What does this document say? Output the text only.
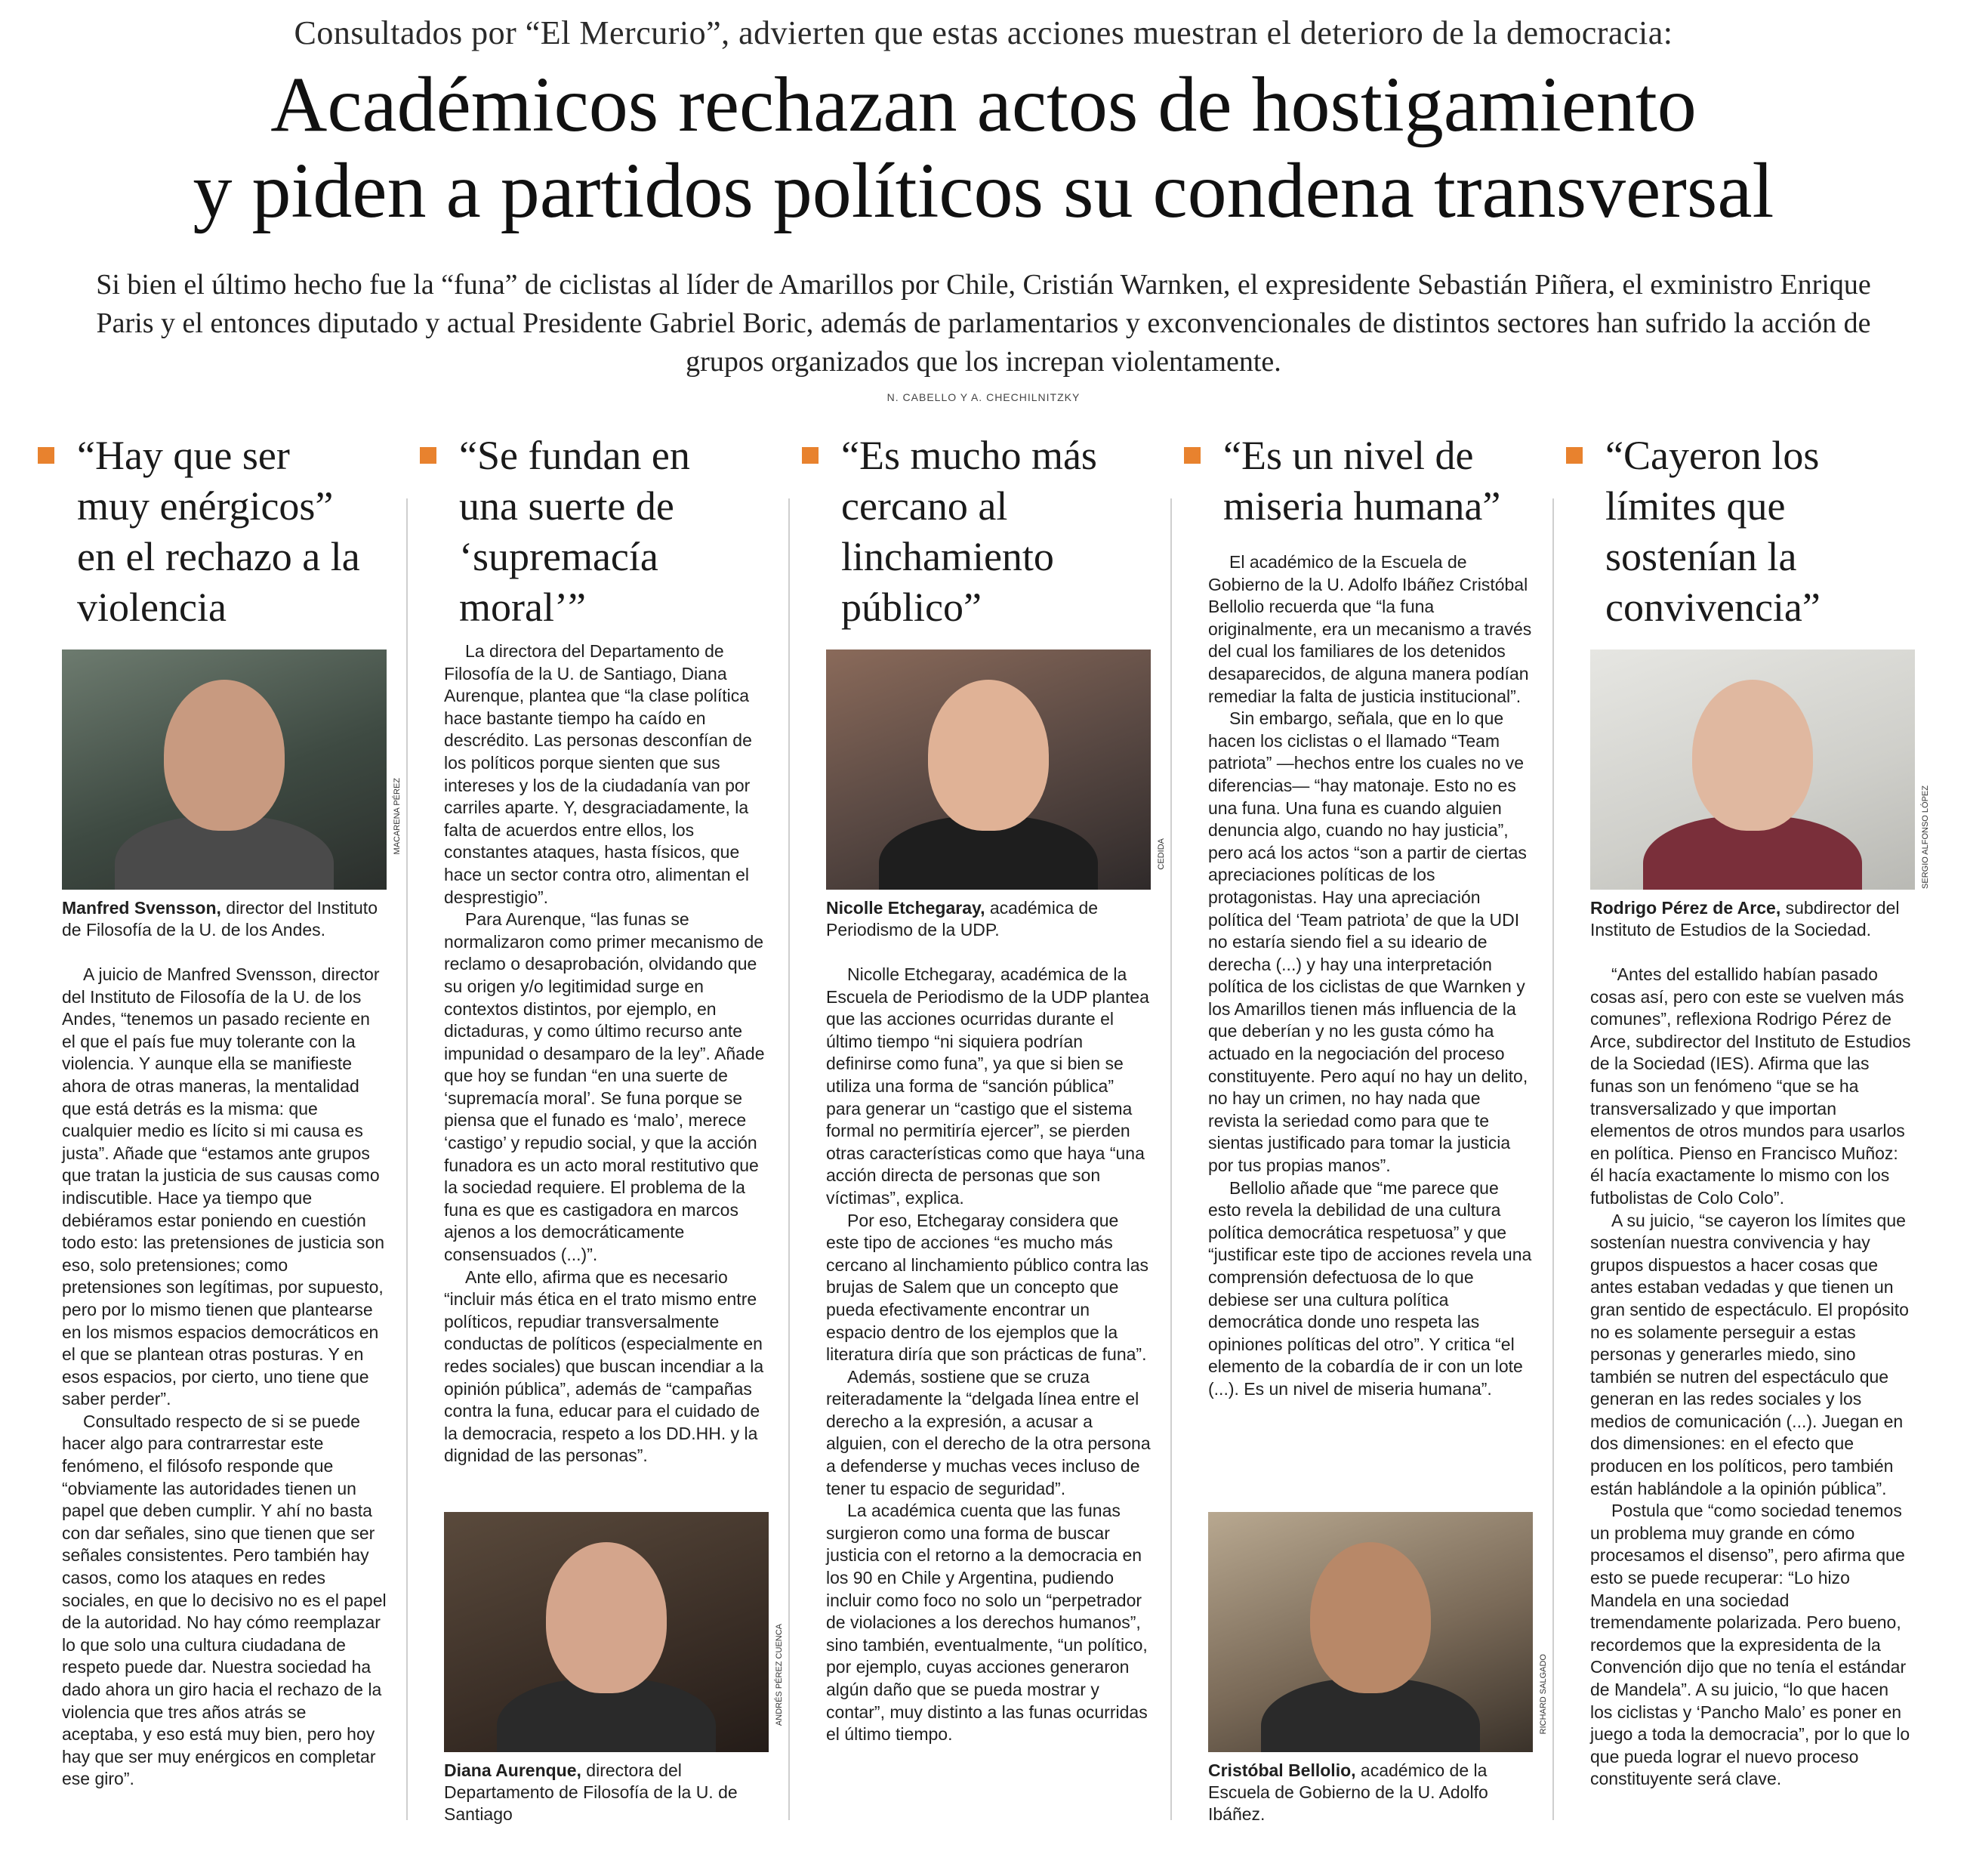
Consultados por “El Mercurio”, advierten que estas acciones muestran el deterioro de la democracia:
Académicos rechazan actos de hostigamiento
y piden a partidos políticos su condena transversal
Si bien el último hecho fue la “funa” de ciclistas al líder de Amarillos por Chile, Cristián Warnken, el expresidente Sebastián Piñera, el exministro Enrique Paris y el entonces diputado y actual Presidente Gabriel Boric, además de parlamentarios y exconvencionales de distintos sectores han sufrido la acción de grupos organizados que los increpan violentamente.
N. CABELLO Y A. CHECHILNITZKY
“Hay que ser muy enérgicos” en el rechazo a la violencia
MACARENA PÉREZ
Manfred Svensson, director del Instituto de Filosofía de la U. de los Andes.

A juicio de Manfred Svensson, director del Instituto de Filosofía de la U. de los Andes, “tenemos un pasado reciente en el que el país fue muy tolerante con la violencia. Y aunque ella se manifieste ahora de otras maneras, la mentalidad que está detrás es la misma: que cualquier medio es lícito si mi causa es justa”. Añade que “estamos ante grupos que tratan la justicia de sus causas como indiscutible. Hace ya tiempo que debiéramos estar poniendo en cuestión todo esto: las pretensiones de justicia son eso, solo pretensiones; como pretensiones son legítimas, por supuesto, pero por lo mismo tienen que plantearse en los mismos espacios democráticos en el que se plantean otras posturas. Y en esos espacios, por cierto, uno tiene que saber perder”.

Consultado respecto de si se puede hacer algo para contrarrestar este fenómeno, el filósofo responde que “obviamente las autoridades tienen un papel que deben cumplir. Y ahí no basta con dar señales, sino que tienen que ser señales consistentes. Pero también hay casos, como los ataques en redes sociales, en que lo decisivo no es el papel de la autoridad. No hay cómo reemplazar lo que solo una cultura ciudadana de respeto puede dar. Nuestra sociedad ha dado ahora un giro hacia el rechazo de la violencia que tres años atrás se aceptaba, y eso está muy bien, pero hoy hay que ser muy enérgicos en completar ese giro”.

“Se fundan en una suerte de ‘supremacía moral’”

La directora del Departamento de Filosofía de la U. de Santiago, Diana Aurenque, plantea que “la clase política hace bastante tiempo ha caído en descrédito. Las personas desconfían de los políticos porque sienten que sus intereses y los de la ciudadanía van por carriles aparte. Y, desgraciadamente, la falta de acuerdos entre ellos, los constantes ataques, hasta físicos, que hace un sector contra otro, alimentan el desprestigio”.

Para Aurenque, “las funas se normalizaron como primer mecanismo de reclamo o desaprobación, olvidando que su origen y/o legitimidad surge en contextos distintos, por ejemplo, en dictaduras, y como último recurso ante impunidad o desamparo de la ley”. Añade que hoy se fundan “en una suerte de ‘supremacía moral’. Se funa porque se piensa que el funado es ‘malo’, merece ‘castigo’ y repudio social, y que la acción funadora es un acto moral restitutivo que la sociedad requiere. El problema de la funa es que es castigadora en marcos ajenos a los democráticamente consensuados (...)”.

Ante ello, afirma que es necesario “incluir más ética en el trato mismo entre políticos, repudiar transversalmente conductas de políticos (especialmente en redes sociales) que buscan incendiar a la opinión pública”, además de “campañas contra la funa, educar para el cuidado de la democracia, respeto a los DD.HH. y la dignidad de las personas”.

ANDRÉS PÉREZ CUENCA
Diana Aurenque, directora del Departamento de Filosofía de la U. de Santiago
“Es mucho más cercano al linchamiento público”
CEDIDA
Nicolle Etchegaray, académica de Periodismo de la UDP.

Nicolle Etchegaray, académica de la Escuela de Periodismo de la UDP plantea que las acciones ocurridas durante el último tiempo “ni siquiera podrían definirse como funa”, ya que si bien se utiliza una forma de “sanción pública” para generar un “castigo que el sistema formal no permitiría ejercer”, se pierden otras características como que haya “una acción directa de personas que son víctimas”, explica.

Por eso, Etchegaray considera que este tipo de acciones “es mucho más cercano al linchamiento público contra las brujas de Salem que un concepto que pueda efectivamente encontrar un espacio dentro de los ejemplos que la literatura diría que son prácticas de funa”.

Además, sostiene que se cruza reiteradamente la “delgada línea entre el derecho a la expresión, a acusar a alguien, con el derecho de la otra persona a defenderse y muchas veces incluso de tener tu espacio de seguridad”.

La académica cuenta que las funas surgieron como una forma de buscar justicia con el retorno a la democracia en los 90 en Chile y Argentina, pudiendo incluir como foco no solo un “perpetrador de violaciones a los derechos humanos”, sino también, eventualmente, “un político, por ejemplo, cuyas acciones generaron algún daño que se pueda mostrar y contar”, muy distinto a las funas ocurridas el último tiempo.

“Es un nivel de miseria humana”

El académico de la Escuela de Gobierno de la U. Adolfo Ibáñez Cristóbal Bellolio recuerda que “la funa originalmente, era un mecanismo a través del cual los familiares de los detenidos desaparecidos, de alguna manera podían remediar la falta de justicia institucional”.

Sin embargo, señala, que en lo que hacen los ciclistas o el llamado “Team patriota” —hechos entre los cuales no ve diferencias— “hay matonaje. Esto no es una funa. Una funa es cuando alguien denuncia algo, cuando no hay justicia”, pero acá los actos “son a partir de ciertas apreciaciones políticas de los protagonistas. Hay una apreciación política del ‘Team patriota’ de que la UDI no estaría siendo fiel a su ideario de derecha (...) y hay una interpretación política de los ciclistas de que Warnken y los Amarillos tienen más influencia de la que deberían y no les gusta cómo ha actuado en la negociación del proceso constituyente. Pero aquí no hay un delito, no hay un crimen, no hay nada que revista la seriedad como para que te sientas justificado para tomar la justicia por tus propias manos”.

Bellolio añade que “me parece que esto revela la debilidad de una cultura política democrática respetuosa” y que “justificar este tipo de acciones revela una comprensión defectuosa de lo que debiese ser una cultura política democrática donde uno respeta las opiniones políticas del otro”. Y critica “el elemento de la cobardía de ir con un lote (...). Es un nivel de miseria humana”.

RICHARD SALGADO
Cristóbal Bellolio, académico de la Escuela de Gobierno de la U. Adolfo Ibáñez.
“Cayeron los límites que sostenían la convivencia”
SERGIO ALFONSO LÓPEZ
Rodrigo Pérez de Arce, subdirector del Instituto de Estudios de la Sociedad.

“Antes del estallido habían pasado cosas así, pero con este se vuelven más comunes”, reflexiona Rodrigo Pérez de Arce, subdirector del Instituto de Estudios de la Sociedad (IES). Afirma que las funas son un fenómeno “que se ha transversalizado y que importan elementos de otros mundos para usarlos en política. Pienso en Francisco Muñoz: él hacía exactamente lo mismo con los futbolistas de Colo Colo”.

A su juicio, “se cayeron los límites que sostenían nuestra convivencia y hay grupos dispuestos a hacer cosas que antes estaban vedadas y que tienen un gran sentido de espectáculo. El propósito no es solamente perseguir a estas personas y generarles miedo, sino también se nutren del espectáculo que generan en las redes sociales y los medios de comunicación (...). Juegan en dos dimensiones: en el efecto que producen en los políticos, pero también están hablándole a la opinión pública”.

Postula que “como sociedad tenemos un problema muy grande en cómo procesamos el disenso”, pero afirma que esto se puede recuperar: “Lo hizo Mandela en una sociedad tremendamente polarizada. Pero bueno, recordemos que la expresidenta de la Convención dijo que no tenía el estándar de Mandela”. A su juicio, “lo que hacen los ciclistas y ‘Pancho Malo’ es poner en juego a toda la democracia”, por lo que lo que pueda lograr el nuevo proceso constituyente será clave.
